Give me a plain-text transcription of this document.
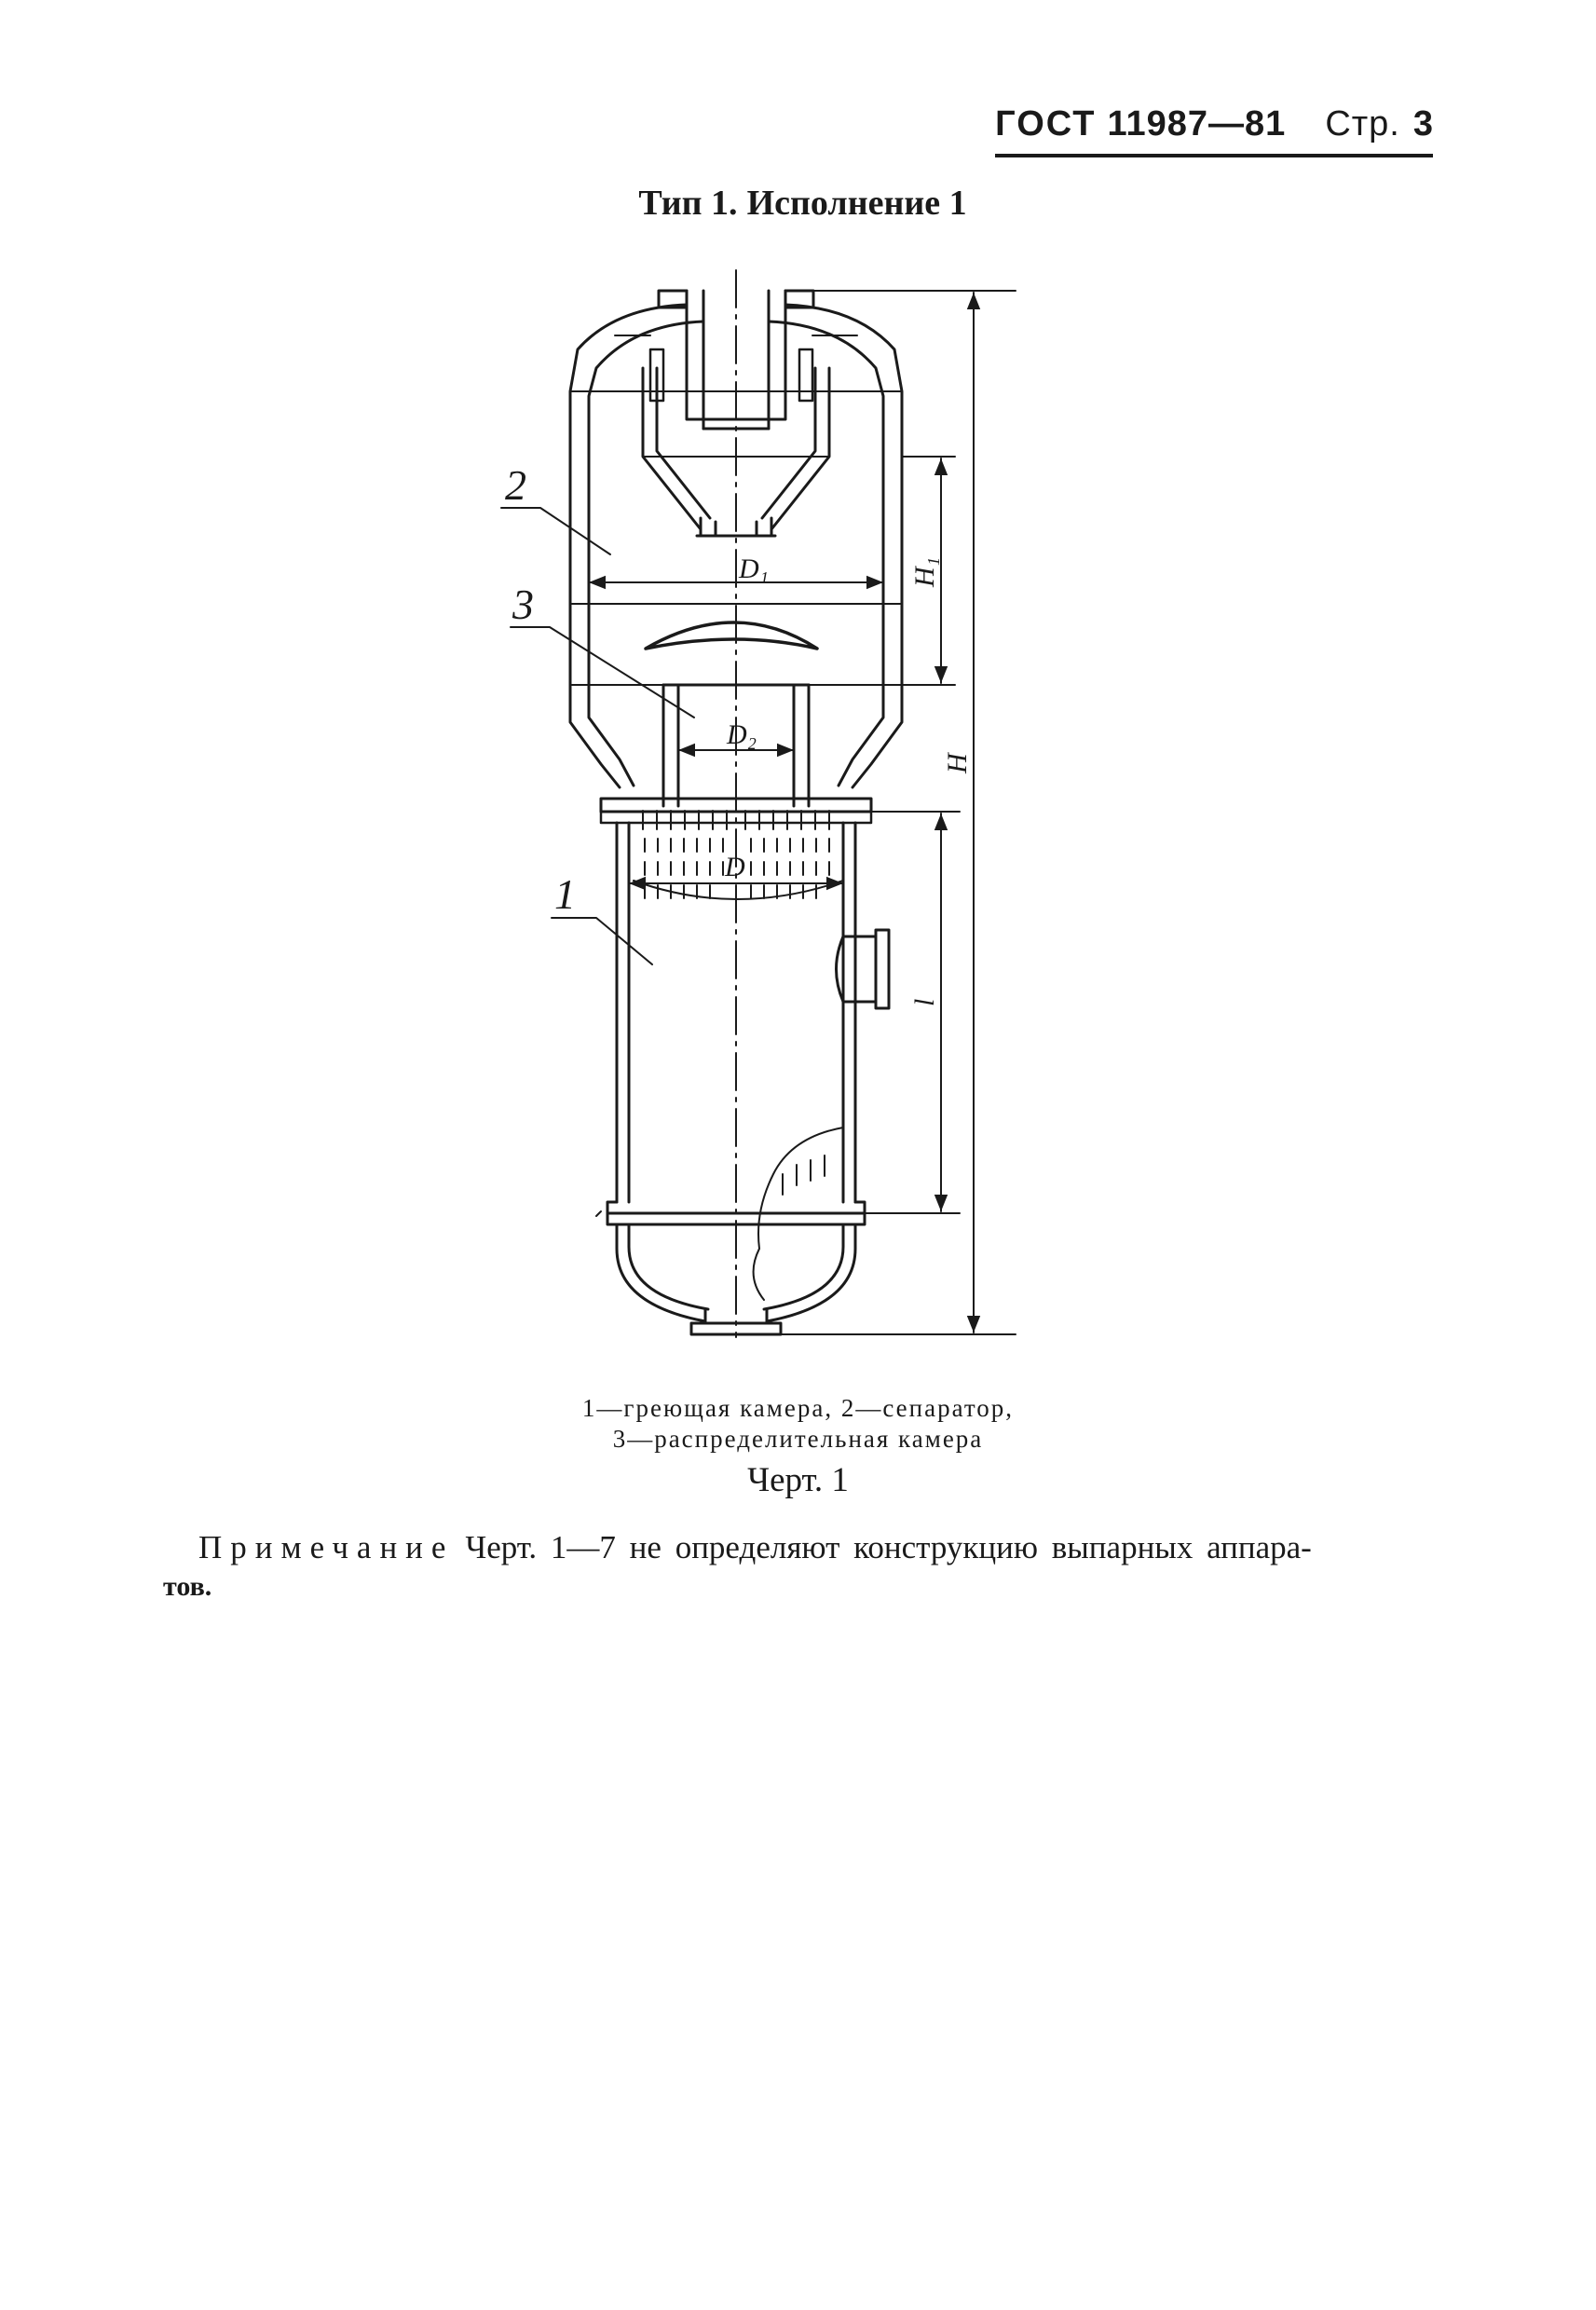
ГОСТ 11987—81 Стр. 3
Тип 1. Исполнение 1
2
3
1
D₁
D₂
D
H₁
H
l
1—греющая камера, 2—сепаратор,
3—распределительная камера
Черт. 1
Примечание Черт. 1—7 не определяют конструкцию выпарных аппара-
тов.
